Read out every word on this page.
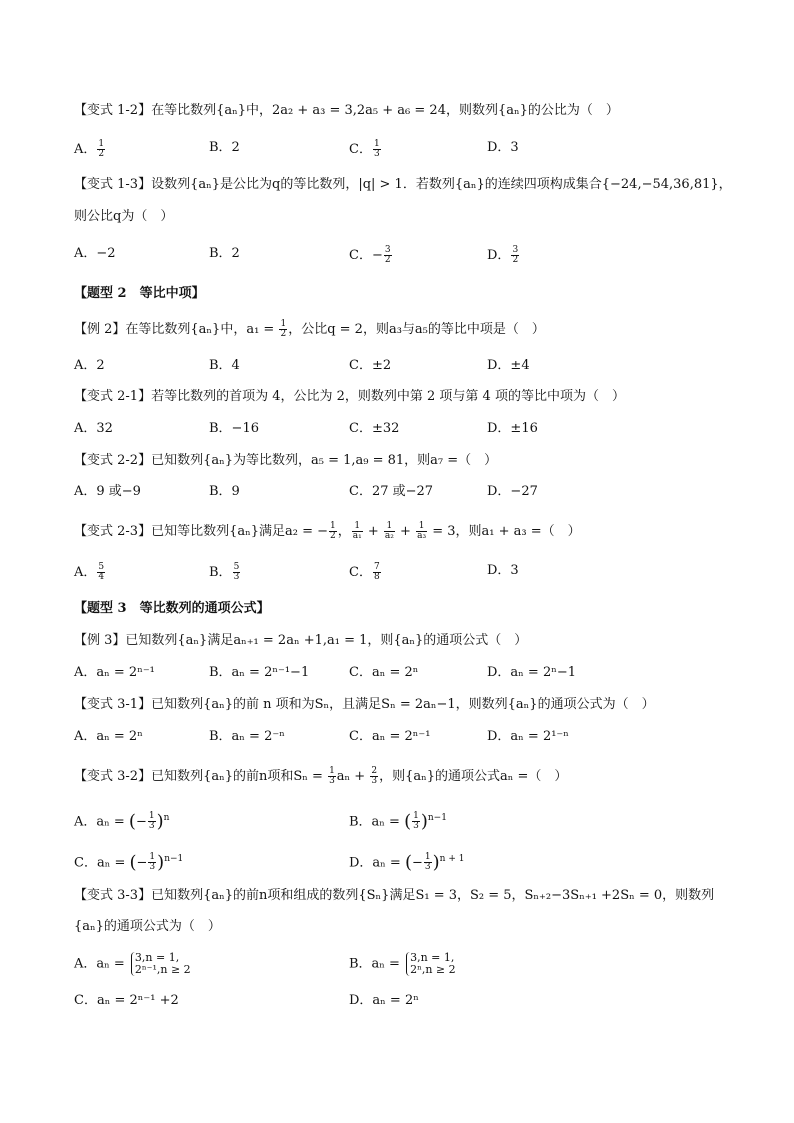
【变式 1-2】在等比数列{aₙ}中，2a₂ + a₃ = 3,2a₅ + a₆ = 24，则数列{aₙ}的公比为（　）
A． $\frac{1}{2}$	B．2	C． $\frac{1}{3}$	D．3
【变式 1-3】设数列{aₙ}是公比为q的等比数列，|q| > 1．若数列{aₙ}的连续四项构成集合{−24,−54,36,81}，
则公比q为（　）
A．−2	B．2	C．− $\frac{3}{2}$	D． $\frac{3}{2}$
【题型 2　等比中项】
【例 2】在等比数列{aₙ}中，$a_1 = \frac{1}{2}$ ，公比q = 2，则a₃与a₅的等比中项是（　）
A．2	B．4	C．±2	D．±4
【变式 2-1】若等比数列的首项为 4，公比为 2，则数列中第 2 项与第 4 项的等比中项为（　）
A．32	B．−16	C．±32	D．±16
【变式 2-2】已知数列{aₙ}为等比数列，a₅ = 1,a₉ = 81，则a₇ =（　）
A．9 或−9	B．9	C．27 或−27	D．−27
【变式 2-3】已知等比数列{aₙ}满足a₂ = − $\frac{1}{2}$ ， $\frac{1}{\text{a₁}} + \frac{1}{\text{a₂}} + \frac{1}{\text{a₃}} = 3$，则a₁ + a₃ =（　）
A． $\frac{5}{4}$	B． $\frac{5}{3}$	C． $\frac{7}{8}$	D．3
【题型 3　等比数列的通项公式】
【例 3】已知数列{aₙ}满足aₙ₊₁ = 2aₙ +1,a₁ = 1，则{aₙ}的通项公式（　）
A．aₙ = 2ⁿ⁻¹	B．aₙ = 2ⁿ⁻¹−1	C．aₙ = 2ⁿ	D．aₙ = 2ⁿ−1
【变式 3-1】已知数列{aₙ}的前 n 项和为Sₙ，且满足Sₙ = 2aₙ−1，则数列{aₙ}的通项公式为（　）
A．aₙ = 2ⁿ	B．aₙ = 2⁻ⁿ	C．aₙ = 2ⁿ⁻¹	D．aₙ = 2¹⁻ⁿ
【变式 3-2】已知数列{aₙ}的前n项和$S_n = \frac{1}{3}$ $a_n + \frac{2}{3}$ ，则{aₙ}的通项公式aₙ =（　）
A．aₙ = (− $\frac{1}{3} )^n$	B．aₙ = ( $\frac{1}{3} )^{n-1}$
C．aₙ = (− $\frac{1}{3} )^{n-1}$	D．aₙ = (− $\frac{1}{3} )^{n + 1}$
【变式 3-3】已知数列{aₙ}的前n项和组成的数列{Sₙ}满足S₁ = 3，S₂ = 5，Sₙ₊₂−3Sₙ₊₁ +2Sₙ = 0，则数列
{aₙ}的通项公式为（　）
A．aₙ = 3,n = 1,
2ⁿ⁻¹,n ≥ 2	B．aₙ = 3,n = 1,
2ⁿ,n ≥ 2
C．aₙ = 2ⁿ⁻¹ +2	D．aₙ = 2ⁿ
